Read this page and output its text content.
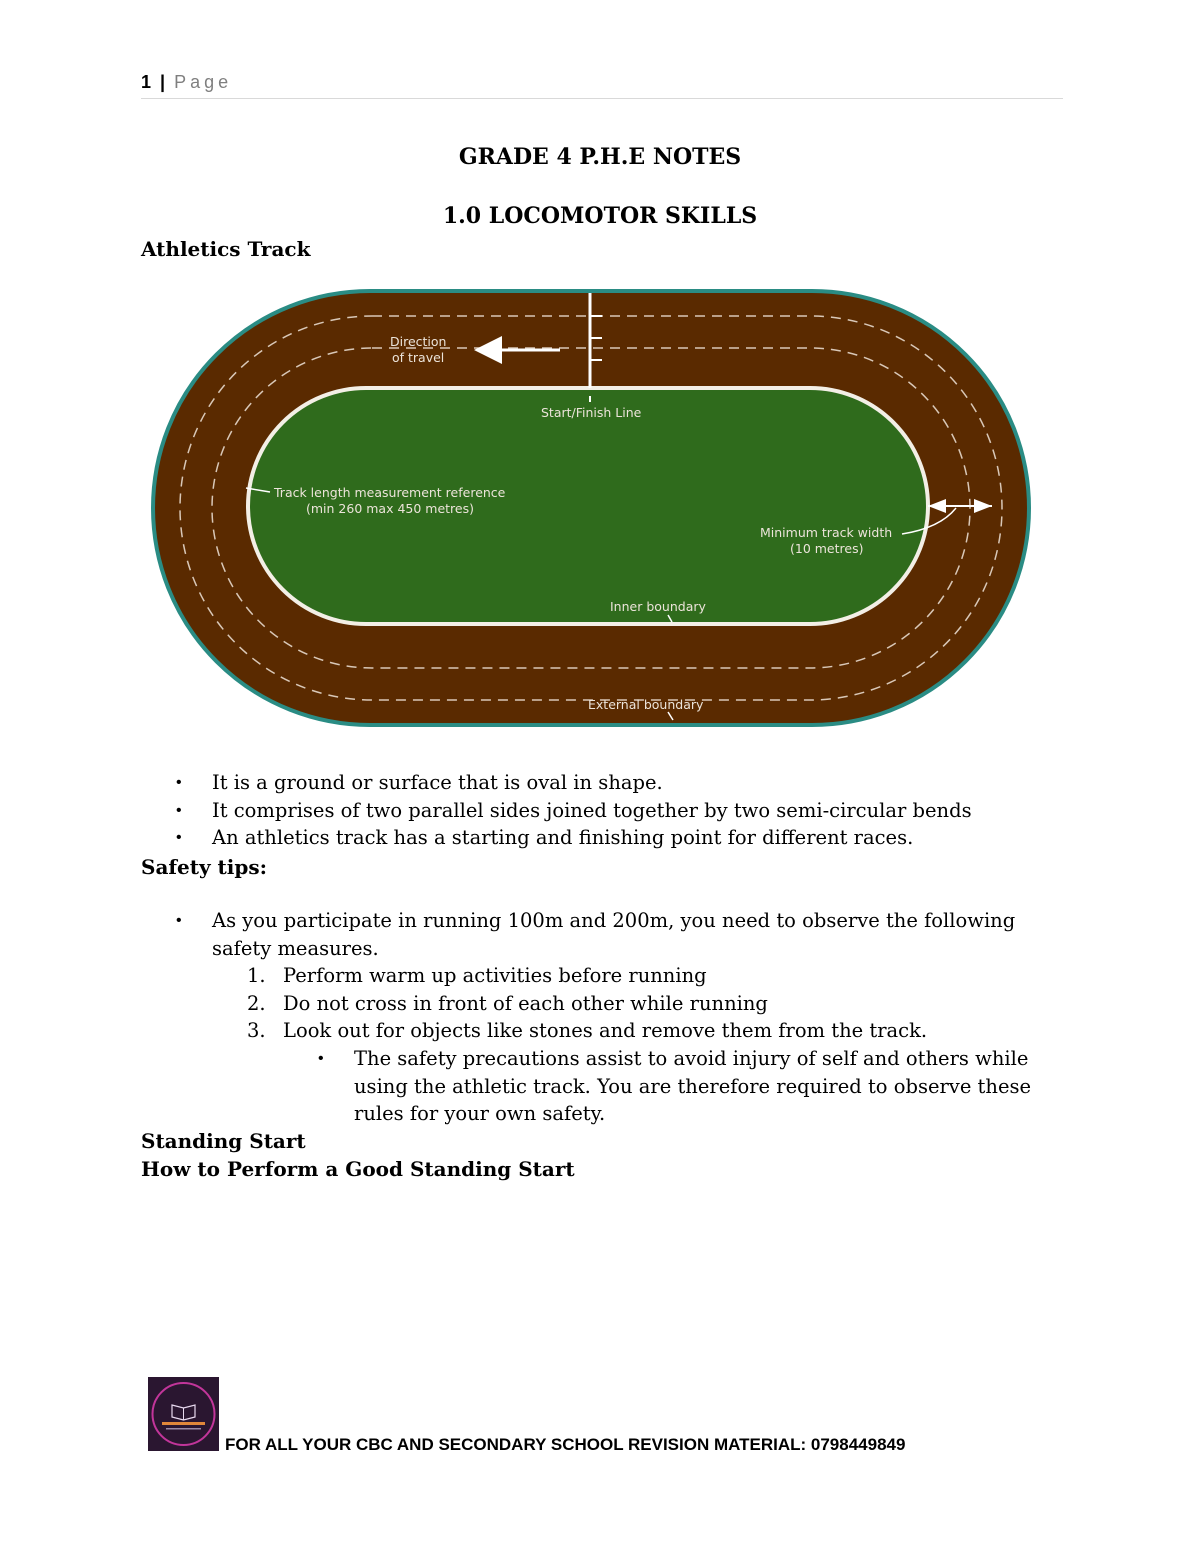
1 | Page
GRADE 4 P.H.E NOTES
1.0 LOCOMOTOR SKILLS
Athletics Track
Direction
of travel
Start/Finish Line
Track length measurement reference
(min 260 max 450 metres)
Minimum track width
(10 metres)
Inner boundary
External boundary
• It is a ground or surface that is oval in shape.
• It comprises of two parallel sides joined together by two semi-circular bends
• An athletics track has a starting and finishing point for different races.
Safety tips:
• As you participate in running 100m and 200m, you need to observe the following
safety measures.
1. Perform warm up activities before running
2. Do not cross in front of each other while running
3. Look out for objects like stones and remove them from the track.
• The safety precautions assist to avoid injury of self and others while
using the athletic track. You are therefore required to observe these
rules for your own safety.
Standing Start
How to Perform a Good Standing Start
FOR ALL YOUR CBC AND SECONDARY SCHOOL REVISION MATERIAL: 0798449849
